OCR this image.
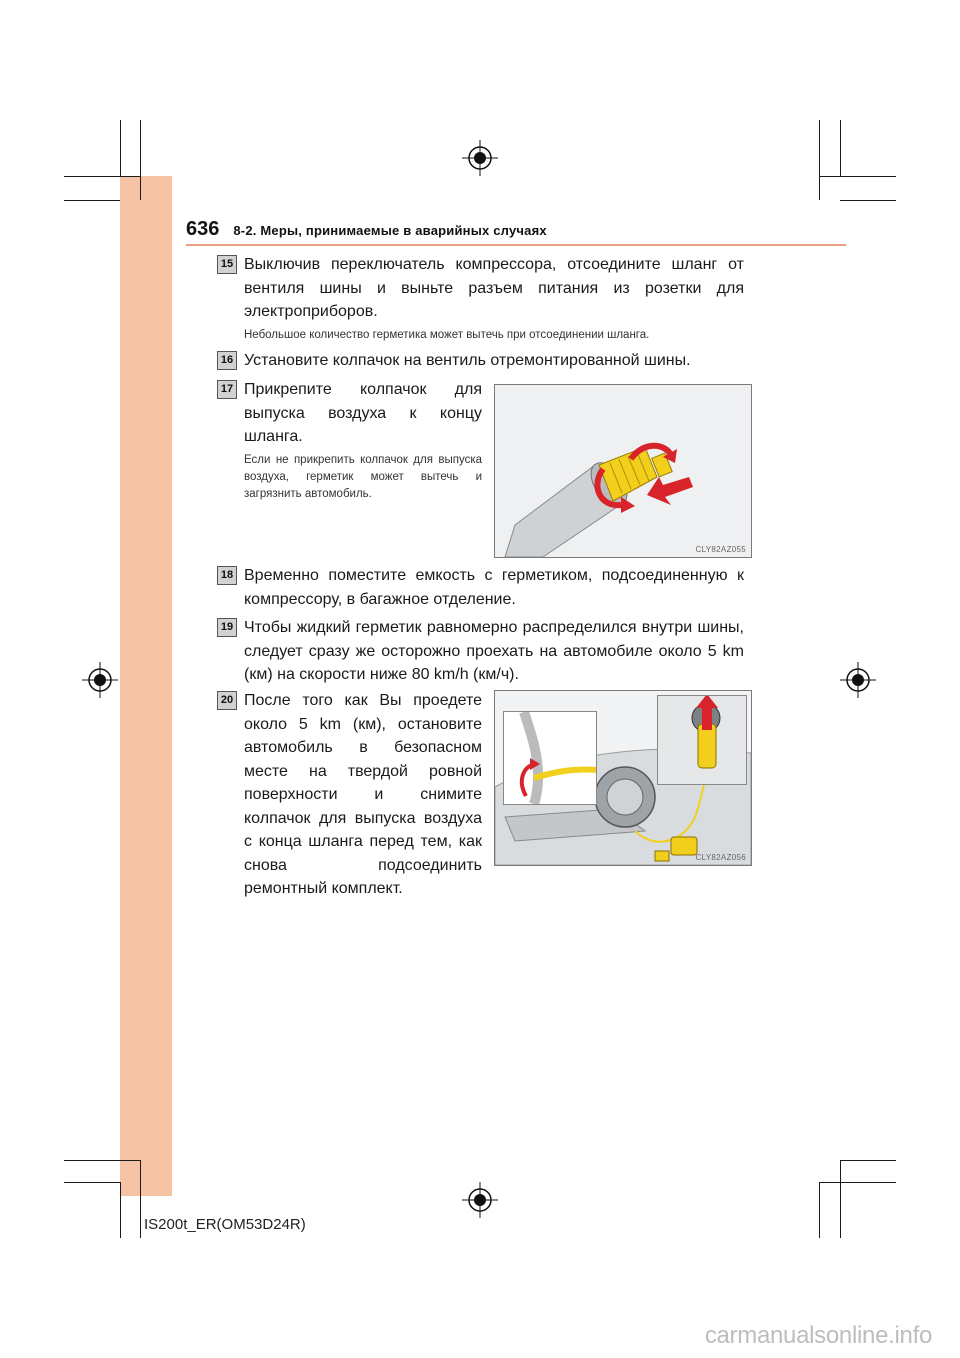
636 8-2. Меры, принимаемые в аварийных случаях
15 Выключив переключатель компрессора, отсоедините шланг от вентиля шины и выньте разъем питания из розетки для электроприборов.
Небольшое количество герметика может вытечь при отсоединении шланга.
16 Установите колпачок на вентиль отремонтированной шины.
17 Прикрепите колпачок для выпуска воздуха к концу шланга.
Если не прикрепить колпачок для выпуска воздуха, герметик может вытечь и загрязнить автомобиль.
CLY82AZ055
18 Временно поместите емкость с герметиком, подсоединенную к компрессору, в багажное отделение.
19 Чтобы жидкий герметик равномерно распределился внутри шины, следует сразу же осторожно проехать на автомобиле около 5 km (км) на скорости ниже 80 km/h (км/ч).
20 После того как Вы проедете около 5 km (км), остановите автомобиль в безопасном месте на твердой ровной поверхности и снимите колпачок для выпуска воздуха с конца шланга перед тем, как снова подсоединить ремонтный комплект.
CLY82AZ056
IS200t_ER(OM53D24R)
carmanualsonline.info
